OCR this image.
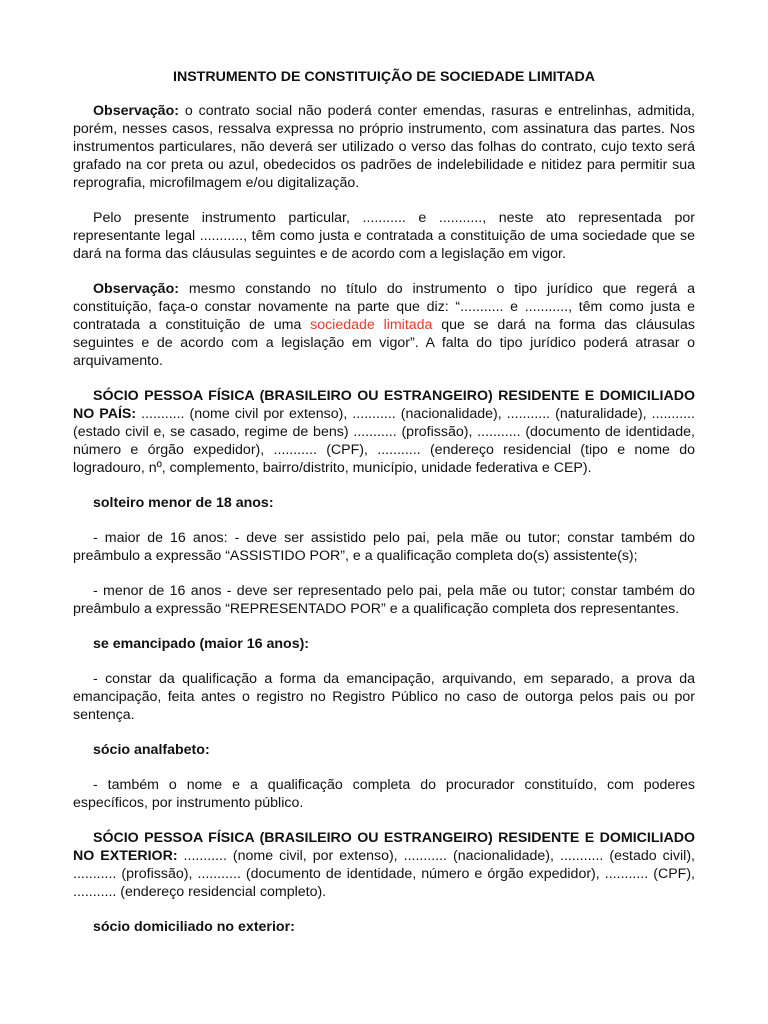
INSTRUMENTO DE CONSTITUIÇÃO DE SOCIEDADE LIMITADA

Observação: o contrato social não poderá conter emendas, rasuras e entrelinhas, admitida, porém, nesses casos, ressalva expressa no próprio instrumento, com assinatura das partes. Nos instrumentos particulares, não deverá ser utilizado o verso das folhas do contrato, cujo texto será grafado na cor preta ou azul, obedecidos os padrões de indelebilidade e nitidez para permitir sua reprografia, microfilmagem e/ou digitalização.

Pelo presente instrumento particular, ........... e ..........., neste ato representada por representante legal ..........., têm como justa e contratada a constituição de uma sociedade que se dará na forma das cláusulas seguintes e de acordo com a legislação em vigor.

Observação: mesmo constando no título do instrumento o tipo jurídico que regerá a constituição, faça-o constar novamente na parte que diz: “........... e ..........., têm como justa e contratada a constituição de uma sociedade limitada que se dará na forma das cláusulas seguintes e de acordo com a legislação em vigor”. A falta do tipo jurídico poderá atrasar o arquivamento.

SÓCIO PESSOA FÍSICA (BRASILEIRO OU ESTRANGEIRO) RESIDENTE E DOMICILIADO NO PAÍS: ........... (nome civil por extenso), ........... (nacionalidade), ........... (naturalidade), ........... (estado civil e, se casado, regime de bens) ........... (profissão), ........... (documento de identidade, número e órgão expedidor), ........... (CPF), ........... (endereço residencial (tipo e nome do logradouro, nº, complemento, bairro/distrito, município, unidade federativa e CEP).

solteiro menor de 18 anos:

- maior de 16 anos: - deve ser assistido pelo pai, pela mãe ou tutor; constar também do preâmbulo a expressão “ASSISTIDO POR”, e a qualificação completa do(s) assistente(s);

- menor de 16 anos - deve ser representado pelo pai, pela mãe ou tutor; constar também do preâmbulo a expressão “REPRESENTADO POR” e a qualificação completa dos representantes.

se emancipado (maior 16 anos):

- constar da qualificação a forma da emancipação, arquivando, em separado, a prova da emancipação, feita antes o registro no Registro Público no caso de outorga pelos pais ou por sentença.

sócio analfabeto:

- também o nome e a qualificação completa do procurador constituído, com poderes específicos, por instrumento público.

SÓCIO PESSOA FÍSICA (BRASILEIRO OU ESTRANGEIRO) RESIDENTE E DOMICILIADO NO EXTERIOR: ........... (nome civil, por extenso), ........... (nacionalidade), ........... (estado civil), ........... (profissão), ........... (documento de identidade, número e órgão expedidor), ........... (CPF), ........... (endereço residencial completo).

sócio domiciliado no exterior:
